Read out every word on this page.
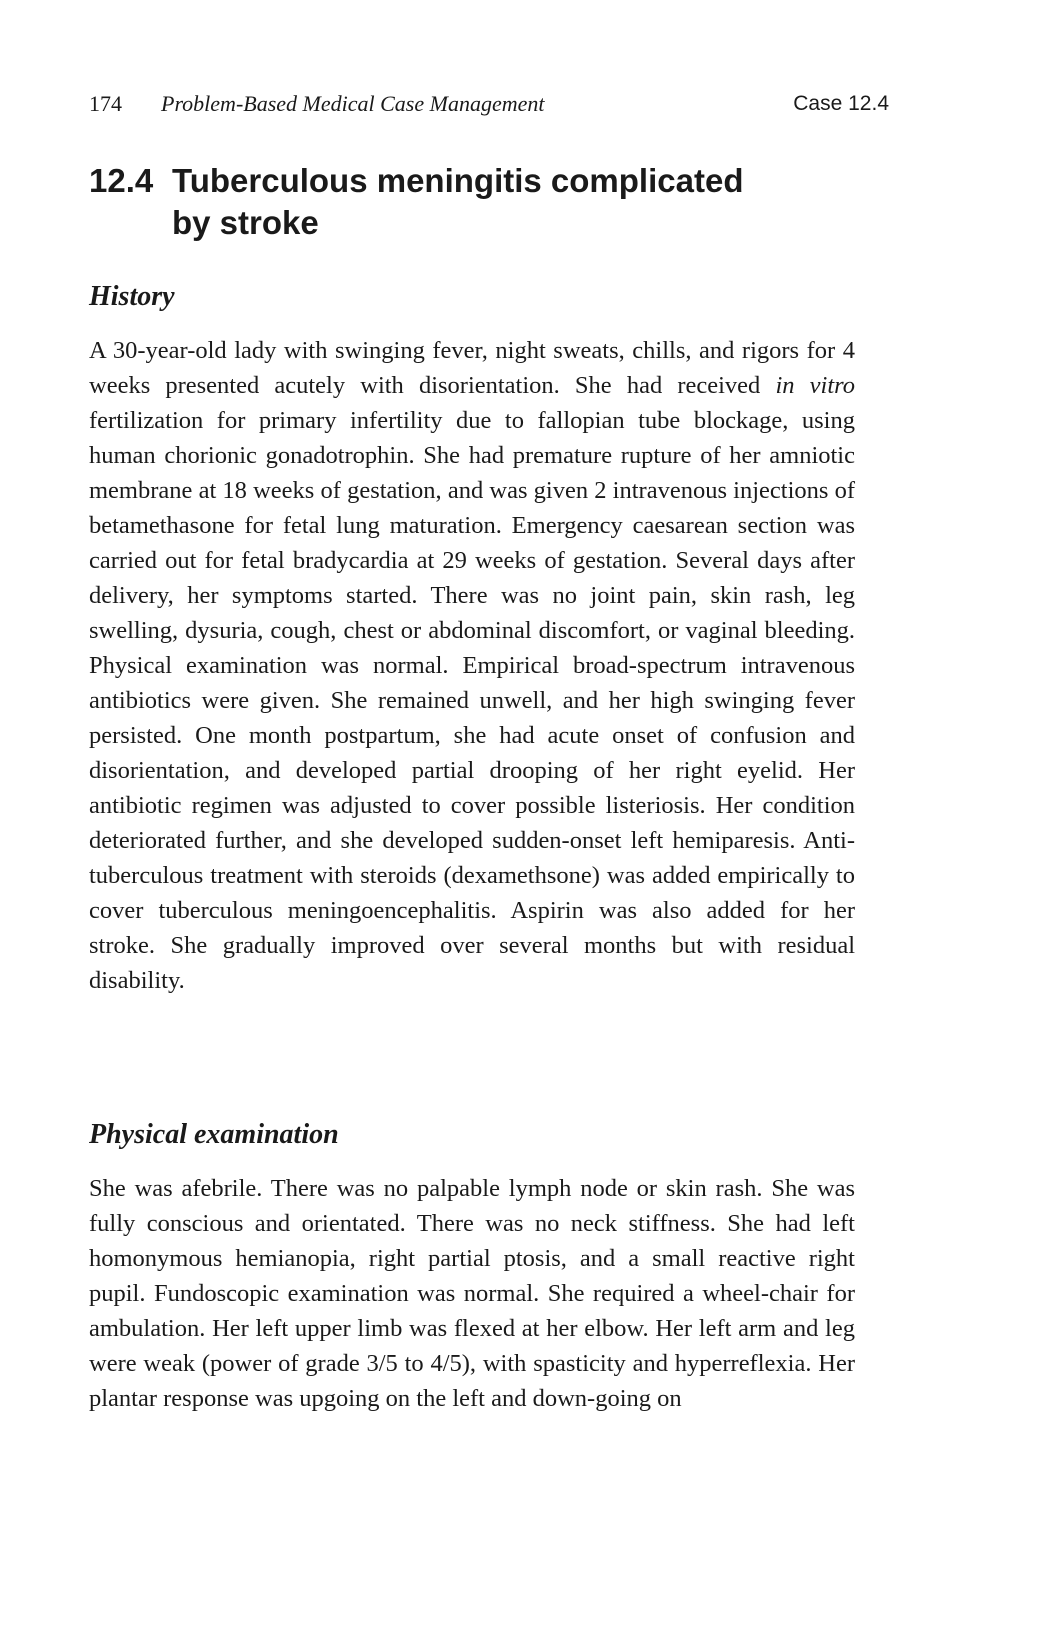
174 Problem-Based Medical Case Management	Case 12.4
12.4 Tuberculous meningitis complicated
by stroke
History

A 30-year-old lady with swinging fever, night sweats, chills, and rigors for 4 weeks presented acutely with disorientation. She had received in vitro fertilization for primary infertility due to fallopian tube blockage, using human chorionic gonadotrophin. She had premature rupture of her amniotic membrane at 18 weeks of gestation, and was given 2 intravenous injections of betamethasone for fetal lung maturation. Emergency caesarean section was carried out for fetal bradycardia at 29 weeks of gestation. Several days after delivery, her symptoms started. There was no joint pain, skin rash, leg swelling, dysuria, cough, chest or abdominal discomfort, or vaginal bleeding. Physical examination was normal. Empirical broad-spectrum intravenous antibiotics were given. She remained unwell, and her high swinging fever persisted. One month postpartum, she had acute onset of confusion and disorientation, and developed partial drooping of her right eyelid. Her antibiotic regimen was adjusted to cover possible listeriosis. Her condition deteriorated further, and she developed sudden-onset left hemiparesis. Anti-tuberculous treatment with steroids (dexamethsone) was added empirically to cover tuberculous meningoencephalitis. Aspirin was also added for her stroke. She gradually improved over several months but with residual disability.

Physical examination

She was afebrile. There was no palpable lymph node or skin rash. She was fully conscious and orientated. There was no neck stiffness. She had left homonymous hemianopia, right partial ptosis, and a small reactive right pupil. Fundoscopic examination was normal. She required a wheel-chair for ambulation. Her left upper limb was flexed at her elbow. Her left arm and leg were weak (power of grade 3/5 to 4/5), with spasticity and hyperreflexia. Her plantar response was upgoing on the left and down-going on
